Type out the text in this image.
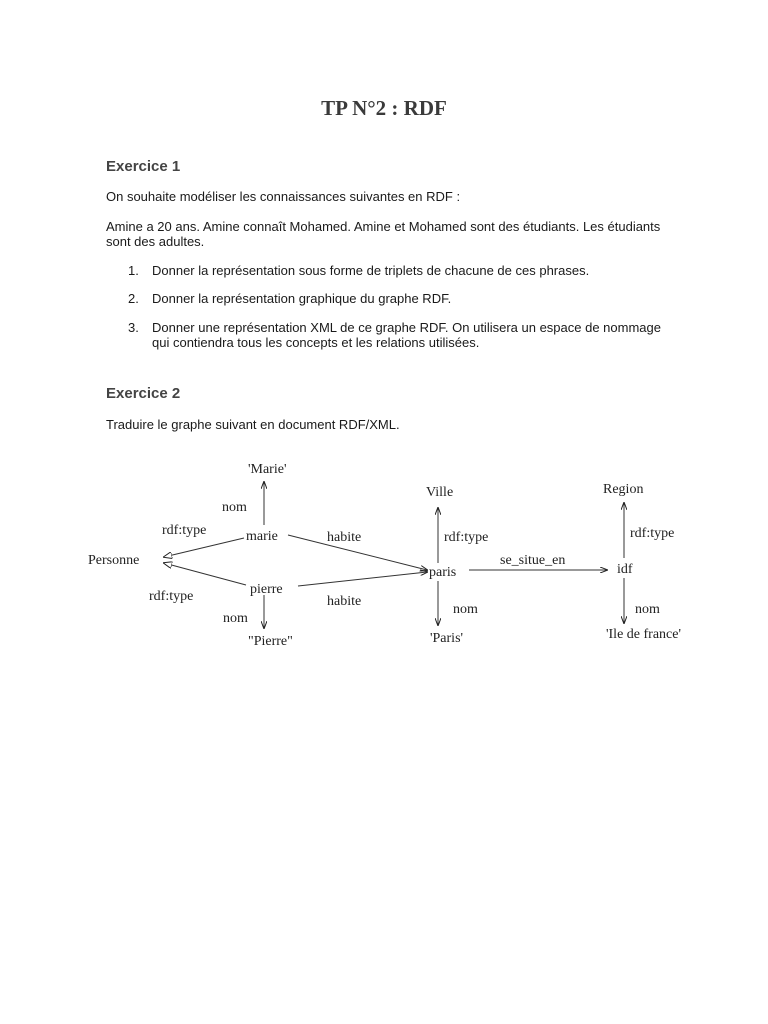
TP N°2 : RDF
Exercice 1

On souhaite modéliser les connaissances suivantes en RDF :

Amine a 20 ans. Amine connaît Mohamed. Amine et Mohamed sont des étudiants. Les étudiants sont des adultes.

1. Donner la représentation sous forme de triplets de chacune de ces phrases.
2. Donner la représentation graphique du graphe RDF.
3. Donner une représentation XML de ce graphe RDF. On utilisera un espace de nommage qui contiendra tous les concepts et les relations utilisées.
Exercice 2

Traduire le graphe suivant en document RDF/XML.

'Marie'
Personne
marie
pierre
"Pierre"
Ville
paris
'Paris'
Region
idf
'Ile de france'
nom
rdf:type	habite
rdf:type	habite
nom
rdf:type
se_situe_en
nom
rdf:type
nom
